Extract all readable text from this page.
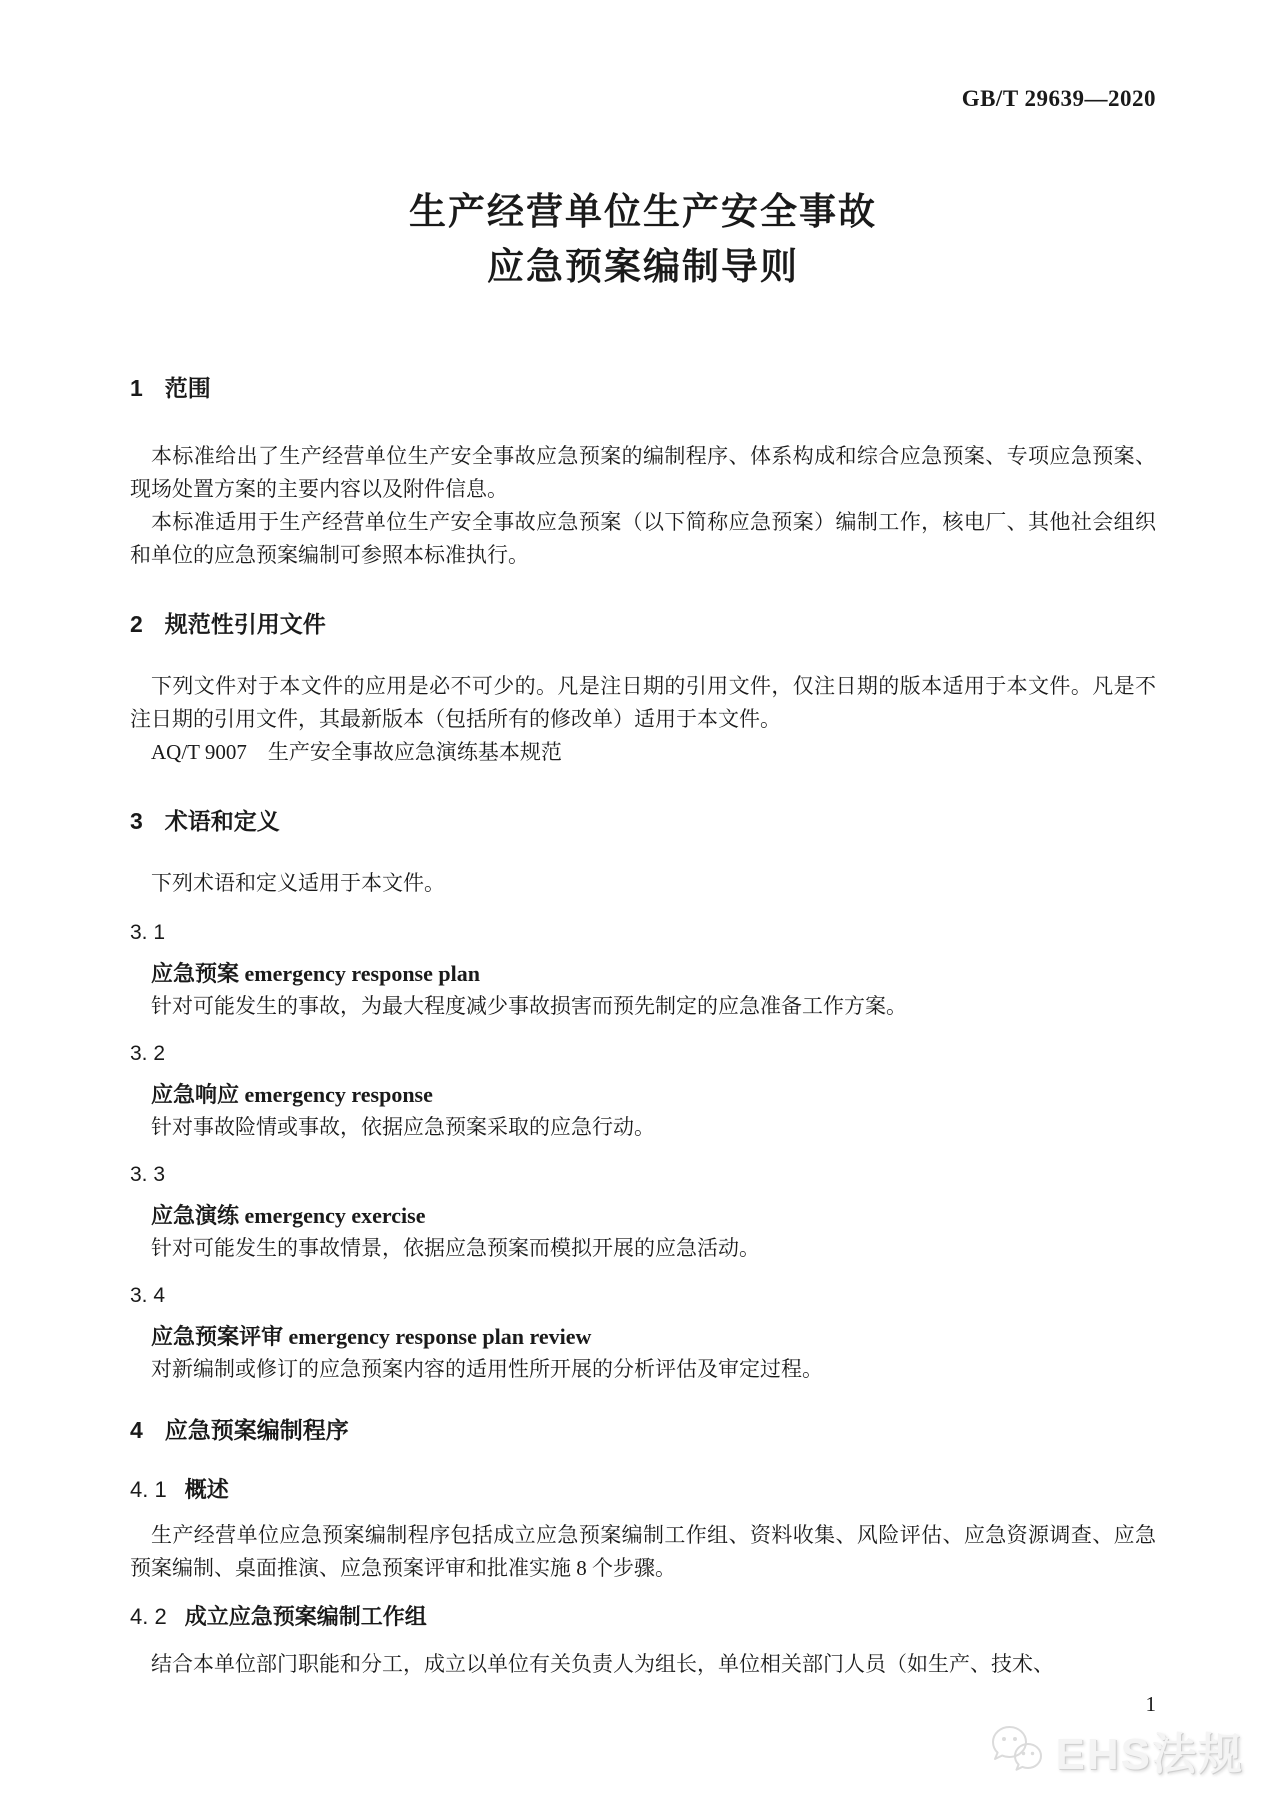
GB/T 29639—2020
生产经营单位生产安全事故
应急预案编制导则
1 范围

本标准给出了生产经营单位生产安全事故应急预案的编制程序、体系构成和综合应急预案、专项应急预案、现场处置方案的主要内容以及附件信息。

本标准适用于生产经营单位生产安全事故应急预案（以下简称应急预案）编制工作，核电厂、其他社会组织和单位的应急预案编制可参照本标准执行。

2 规范性引用文件

下列文件对于本文件的应用是必不可少的。凡是注日期的引用文件，仅注日期的版本适用于本文件。凡是不注日期的引用文件，其最新版本（包括所有的修改单）适用于本文件。

AQ/T 9007　生产安全事故应急演练基本规范

3 术语和定义

下列术语和定义适用于本文件。

3. 1
应急预案 emergency response plan

针对可能发生的事故，为最大程度减少事故损害而预先制定的应急准备工作方案。

3. 2
应急响应 emergency response

针对事故险情或事故，依据应急预案采取的应急行动。

3. 3
应急演练 emergency exercise

针对可能发生的事故情景，依据应急预案而模拟开展的应急活动。

3. 4
应急预案评审 emergency response plan review

对新编制或修订的应急预案内容的适用性所开展的分析评估及审定过程。

4 应急预案编制程序
4. 1 概述

生产经营单位应急预案编制程序包括成立应急预案编制工作组、资料收集、风险评估、应急资源调查、应急预案编制、桌面推演、应急预案评审和批准实施 8 个步骤。

4. 2 成立应急预案编制工作组

结合本单位部门职能和分工，成立以单位有关负责人为组长，单位相关部门人员（如生产、技术、

1
EHS法规
